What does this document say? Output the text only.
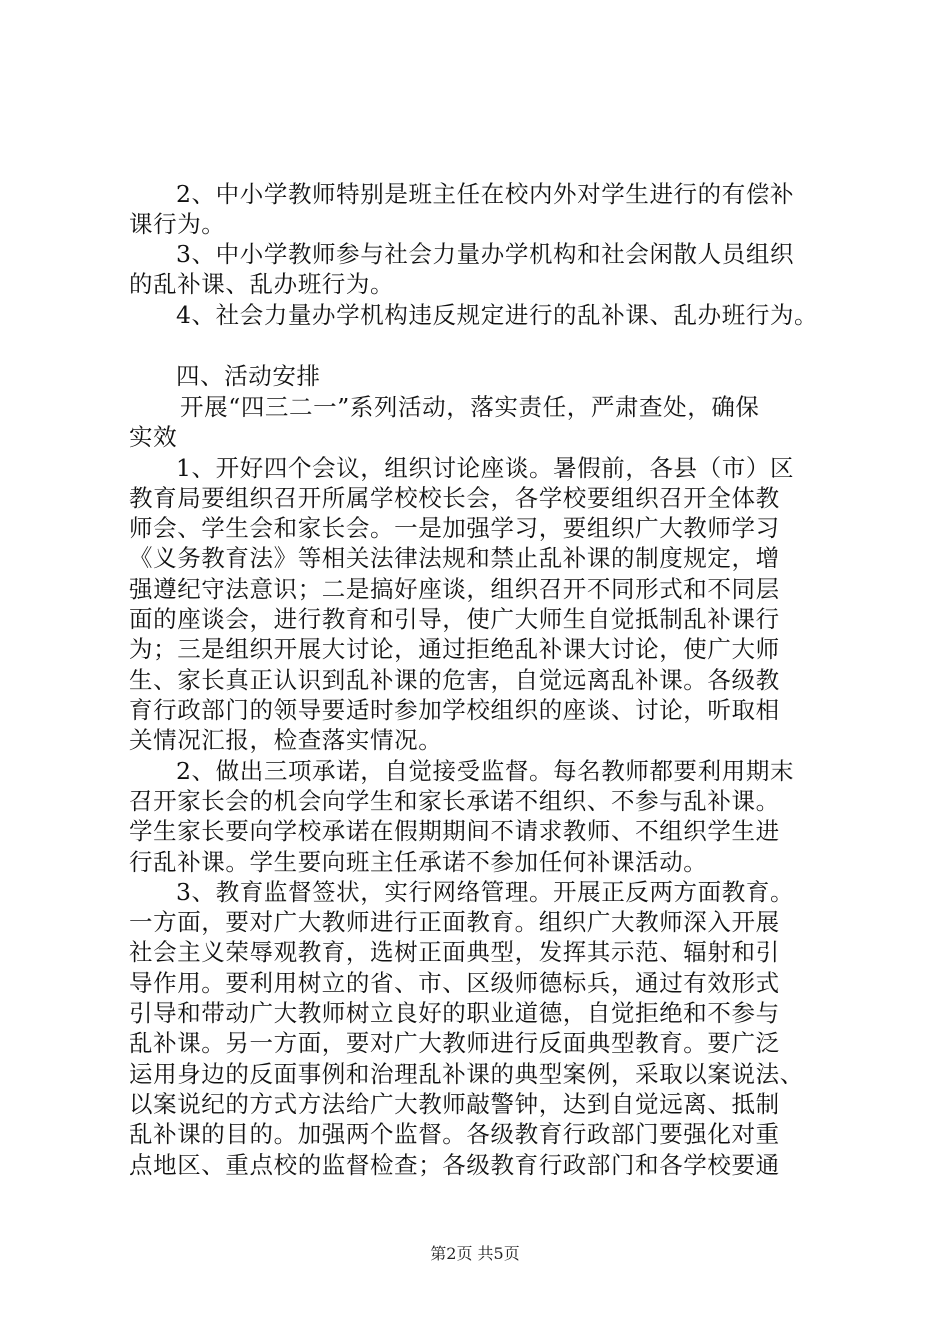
2、中小学教师特别是班主任在校内外对学生进行的有偿补
课行为。
3、中小学教师参与社会力量办学机构和社会闲散人员组织
的乱补课、乱办班行为。
4、社会力量办学机构违反规定进行的乱补课、乱办班行为。
四、活动安排
开展“四三二一”系列活动，落实责任，严肃查处，确保
实效
1、开好四个会议，组织讨论座谈。暑假前，各县（市）区
教育局要组织召开所属学校校长会，各学校要组织召开全体教
师会、学生会和家长会。一是加强学习，要组织广大教师学习
《义务教育法》等相关法律法规和禁止乱补课的制度规定，增
强遵纪守法意识；二是搞好座谈，组织召开不同形式和不同层
面的座谈会，进行教育和引导，使广大师生自觉抵制乱补课行
为；三是组织开展大讨论，通过拒绝乱补课大讨论，使广大师
生、家长真正认识到乱补课的危害，自觉远离乱补课。各级教
育行政部门的领导要适时参加学校组织的座谈、讨论，听取相
关情况汇报，检查落实情况。
2、做出三项承诺，自觉接受监督。每名教师都要利用期末
召开家长会的机会向学生和家长承诺不组织、不参与乱补课。
学生家长要向学校承诺在假期期间不请求教师、不组织学生进
行乱补课。学生要向班主任承诺不参加任何补课活动。
3、教育监督签状，实行网络管理。开展正反两方面教育。
一方面，要对广大教师进行正面教育。组织广大教师深入开展
社会主义荣辱观教育，选树正面典型，发挥其示范、辐射和引
导作用。要利用树立的省、市、区级师德标兵，通过有效形式
引导和带动广大教师树立良好的职业道德，自觉拒绝和不参与
乱补课。另一方面，要对广大教师进行反面典型教育。要广泛
运用身边的反面事例和治理乱补课的典型案例，采取以案说法、
以案说纪的方式方法给广大教师敲警钟，达到自觉远离、抵制
乱补课的目的。加强两个监督。各级教育行政部门要强化对重
点地区、重点校的监督检查；各级教育行政部门和各学校要通
第2页 共5页
